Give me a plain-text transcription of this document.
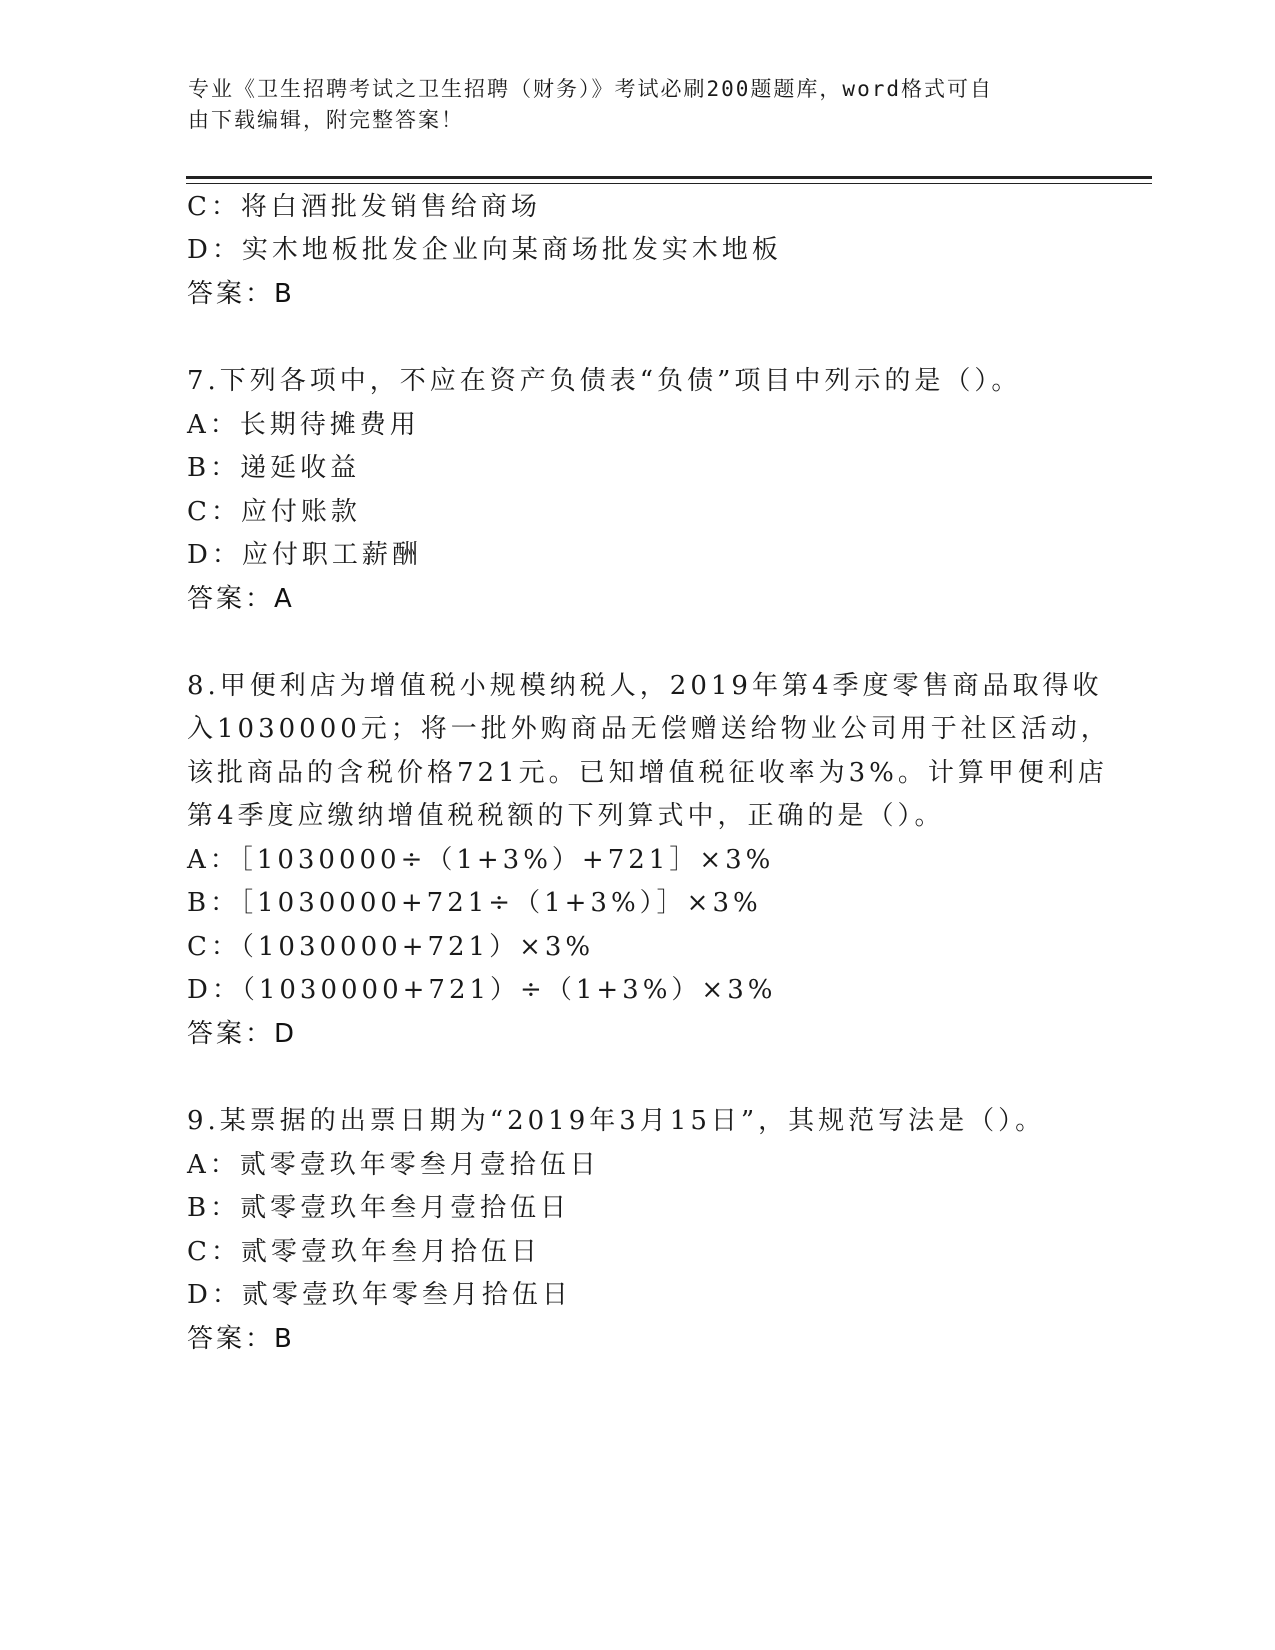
专业《卫生招聘考试之卫生招聘（财务）》考试必刷200题题库，word格式可自
由下载编辑，附完整答案！
C：将白酒批发销售给商场
D：实木地板批发企业向某商场批发实木地板
答案：B
7.下列各项中，不应在资产负债表“负债”项目中列示的是（）。
A：长期待摊费用
B：递延收益
C：应付账款
D：应付职工薪酬
答案：A
8.甲便利店为增值税小规模纳税人，2019年第4季度零售商品取得收
入1030000元；将一批外购商品无偿赠送给物业公司用于社区活动，
该批商品的含税价格721元。已知增值税征收率为3%。计算甲便利店
第4季度应缴纳增值税税额的下列算式中，正确的是（）。
A：［1030000÷（1+3%）+721］×3%
B：［1030000+721÷（1+3%）］×3%
C：（1030000+721）×3%
D：（1030000+721）÷（1+3%）×3%
答案：D
9.某票据的出票日期为“2019年3月15日”，其规范写法是（）。
A：贰零壹玖年零叁月壹拾伍日
B：贰零壹玖年叁月壹拾伍日
C：贰零壹玖年叁月拾伍日
D：贰零壹玖年零叁月拾伍日
答案：B
